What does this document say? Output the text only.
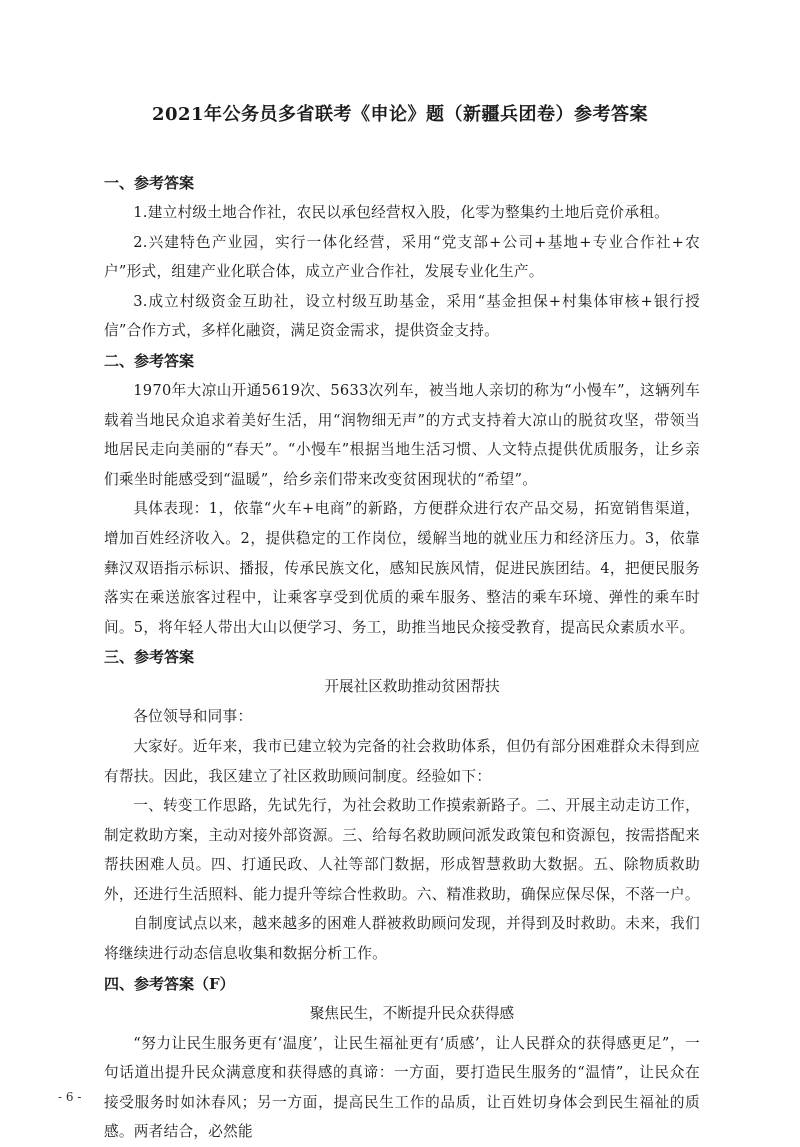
2021年公务员多省联考《申论》题（新疆兵团卷）参考答案

一、参考答案

1.建立村级土地合作社，农民以承包经营权入股，化零为整集约土地后竞价承租。

2.兴建特色产业园，实行一体化经营，采用“党支部+公司+基地+专业合作社+农户”形式，组建产业化联合体，成立产业合作社，发展专业化生产。

3.成立村级资金互助社，设立村级互助基金，采用“基金担保+村集体审核+银行授信”合作方式，多样化融资，满足资金需求，提供资金支持。

二、参考答案

1970年大凉山开通5619次、5633次列车，被当地人亲切的称为“小慢车”，这辆列车载着当地民众追求着美好生活，用“润物细无声”的方式支持着大凉山的脱贫攻坚，带领当地居民走向美丽的“春天”。“小慢车”根据当地生活习惯、人文特点提供优质服务，让乡亲们乘坐时能感受到“温暖”，给乡亲们带来改变贫困现状的“希望”。

具体表现：1，依靠“火车+电商”的新路，方便群众进行农产品交易，拓宽销售渠道，增加百姓经济收入。2，提供稳定的工作岗位，缓解当地的就业压力和经济压力。3，依靠彝汉双语指示标识、播报，传承民族文化，感知民族风情，促进民族团结。4，把便民服务落实在乘送旅客过程中，让乘客享受到优质的乘车服务、整洁的乘车环境、弹性的乘车时间。5，将年轻人带出大山以便学习、务工，助推当地民众接受教育，提高民众素质水平。

三、参考答案

开展社区救助推动贫困帮扶

各位领导和同事：

大家好。近年来，我市已建立较为完备的社会救助体系，但仍有部分困难群众未得到应有帮扶。因此，我区建立了社区救助顾问制度。经验如下：

一、转变工作思路，先试先行，为社会救助工作摸索新路子。二、开展主动走访工作，制定救助方案，主动对接外部资源。三、给每名救助顾问派发政策包和资源包，按需搭配来帮扶困难人员。四、打通民政、人社等部门数据，形成智慧救助大数据。五、除物质救助外，还进行生活照料、能力提升等综合性救助。六、精准救助，确保应保尽保，不落一户。

自制度试点以来，越来越多的困难人群被救助顾问发现，并得到及时救助。未来，我们将继续进行动态信息收集和数据分析工作。

四、参考答案（F）

聚焦民生，不断提升民众获得感

“努力让民生服务更有‘温度’，让民生福祉更有‘质感’，让人民群众的获得感更足”，一句话道出提升民众满意度和获得感的真谛：一方面，要打造民生服务的“温情”，让民众在接受服务时如沐春风；另一方面，提高民生工作的品质，让百姓切身体会到民生福祉的质感。两者结合，必然能

- 6 -
